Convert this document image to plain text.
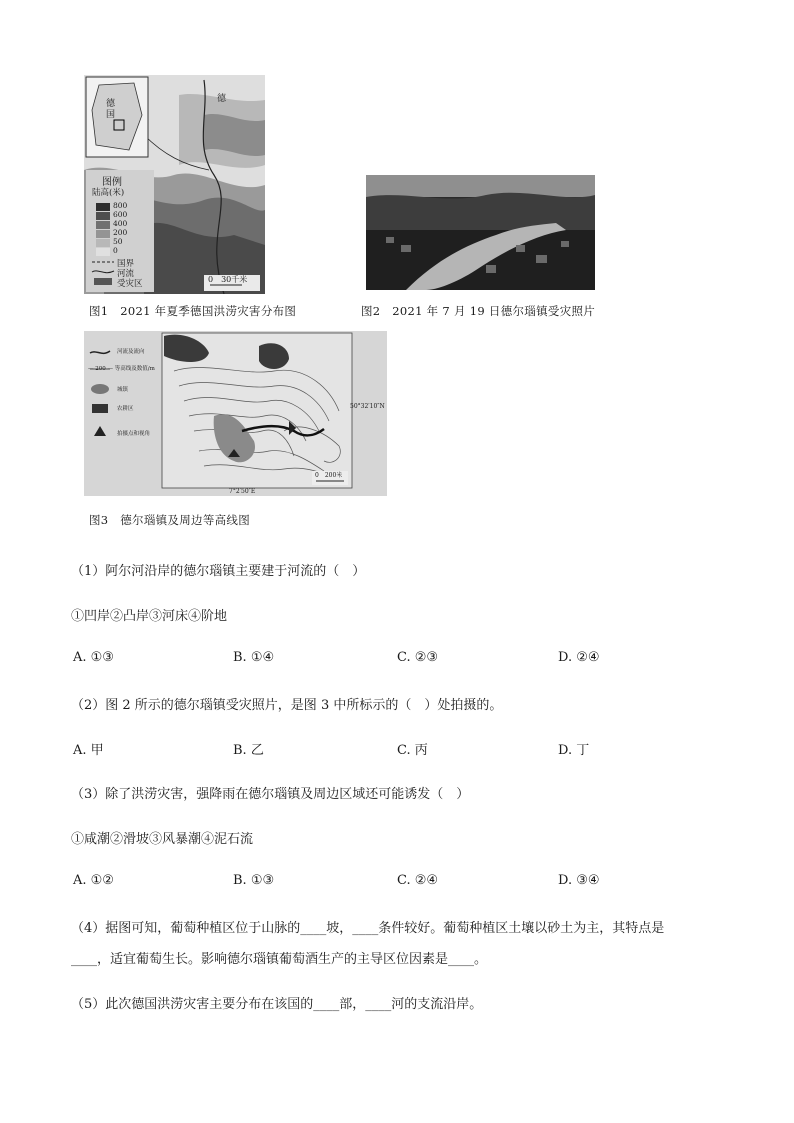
德国
德
图例
陆高(米)
800
600
400
200
50
0
国界
河流
受灾区	0　30千米
图1　2021 年夏季德国洪涝灾害分布图	图2　2021 年 7 月 19 日德尔瑙镇受灾照片
河流及流向
— 200 — 等高线及数值/m
城镇
农耕区
拍摄点和视角
50°32′10″N
7°2′50″E
0　200米
图3　德尔瑙镇及周边等高线图
（1）阿尔河沿岸的德尔瑙镇主要建于河流的（　）
①凹岸②凸岸③河床④阶地
A. ①③	B. ①④	C. ②③	D. ②④
（2）图 2 所示的德尔瑙镇受灾照片，是图 3 中所标示的（　）处拍摄的。
A. 甲	B. 乙	C. 丙	D. 丁
（3）除了洪涝灾害，强降雨在德尔瑙镇及周边区域还可能诱发（　）
①咸潮②滑坡③风暴潮④泥石流
A. ①②	B. ①③	C. ②④	D. ③④
（4）据图可知，葡萄种植区位于山脉的____坡，____条件较好。葡萄种植区土壤以砂土为主，其特点是
____，适宜葡萄生长。影响德尔瑙镇葡萄酒生产的主导区位因素是____。
（5）此次德国洪涝灾害主要分布在该国的____部，____河的支流沿岸。
